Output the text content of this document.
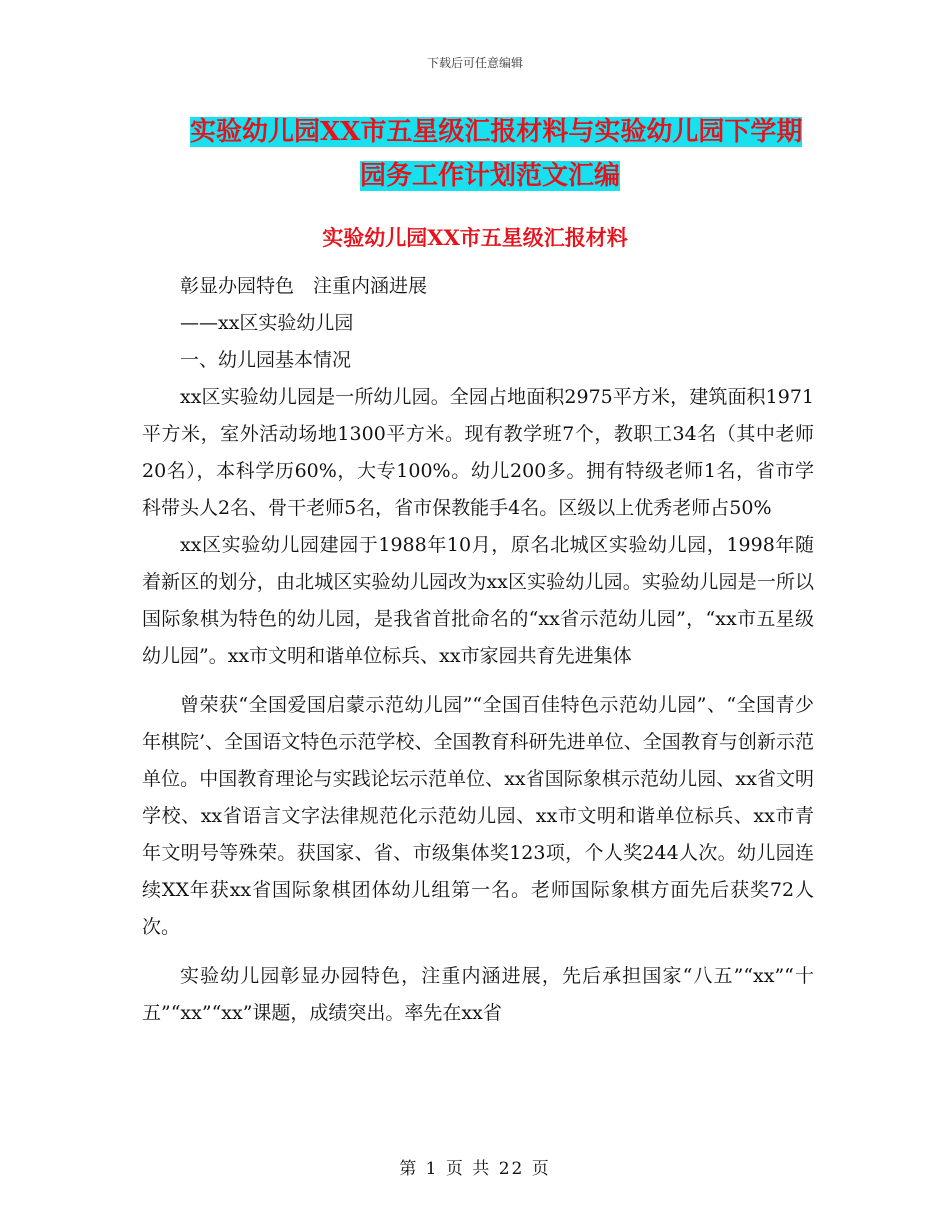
下载后可任意编辑
实验幼儿园XX市五星级汇报材料与实验幼儿园下学期
园务工作计划范文汇编
实验幼儿园XX市五星级汇报材料

彰显办园特色　注重内涵进展

——xx区实验幼儿园

一、幼儿园基本情况

xx区实验幼儿园是一所幼儿园。全园占地面积2975平方米，建筑面积1971平方米，室外活动场地1300平方米。现有教学班7个，教职工34名（其中老师20名），本科学历60%，大专100%。幼儿200多。拥有特级老师1名，省市学科带头人2名、骨干老师5名，省市保教能手4名。区级以上优秀老师占50%

xx区实验幼儿园建园于1988年10月，原名北城区实验幼儿园，1998年随着新区的划分，由北城区实验幼儿园改为xx区实验幼儿园。实验幼儿园是一所以国际象棋为特色的幼儿园，是我省首批命名的“xx省示范幼儿园”，“xx市五星级幼儿园”。xx市文明和谐单位标兵、xx市家园共育先进集体

曾荣获“全国爱国启蒙示范幼儿园”“全国百佳特色示范幼儿园”、“全国青少年棋院’、全国语文特色示范学校、全国教育科研先进单位、全国教育与创新示范单位。中国教育理论与实践论坛示范单位、xx省国际象棋示范幼儿园、xx省文明学校、xx省语言文字法律规范化示范幼儿园、xx市文明和谐单位标兵、xx市青年文明号等殊荣。获国家、省、市级集体奖123项，个人奖244人次。幼儿园连续XX年获xx省国际象棋团体幼儿组第一名。老师国际象棋方面先后获奖72人次。

实验幼儿园彰显办园特色，注重内涵进展，先后承担国家“八五”“xx”“十五”“xx”“xx”课题，成绩突出。率先在xx省

第 1 页 共 22 页
